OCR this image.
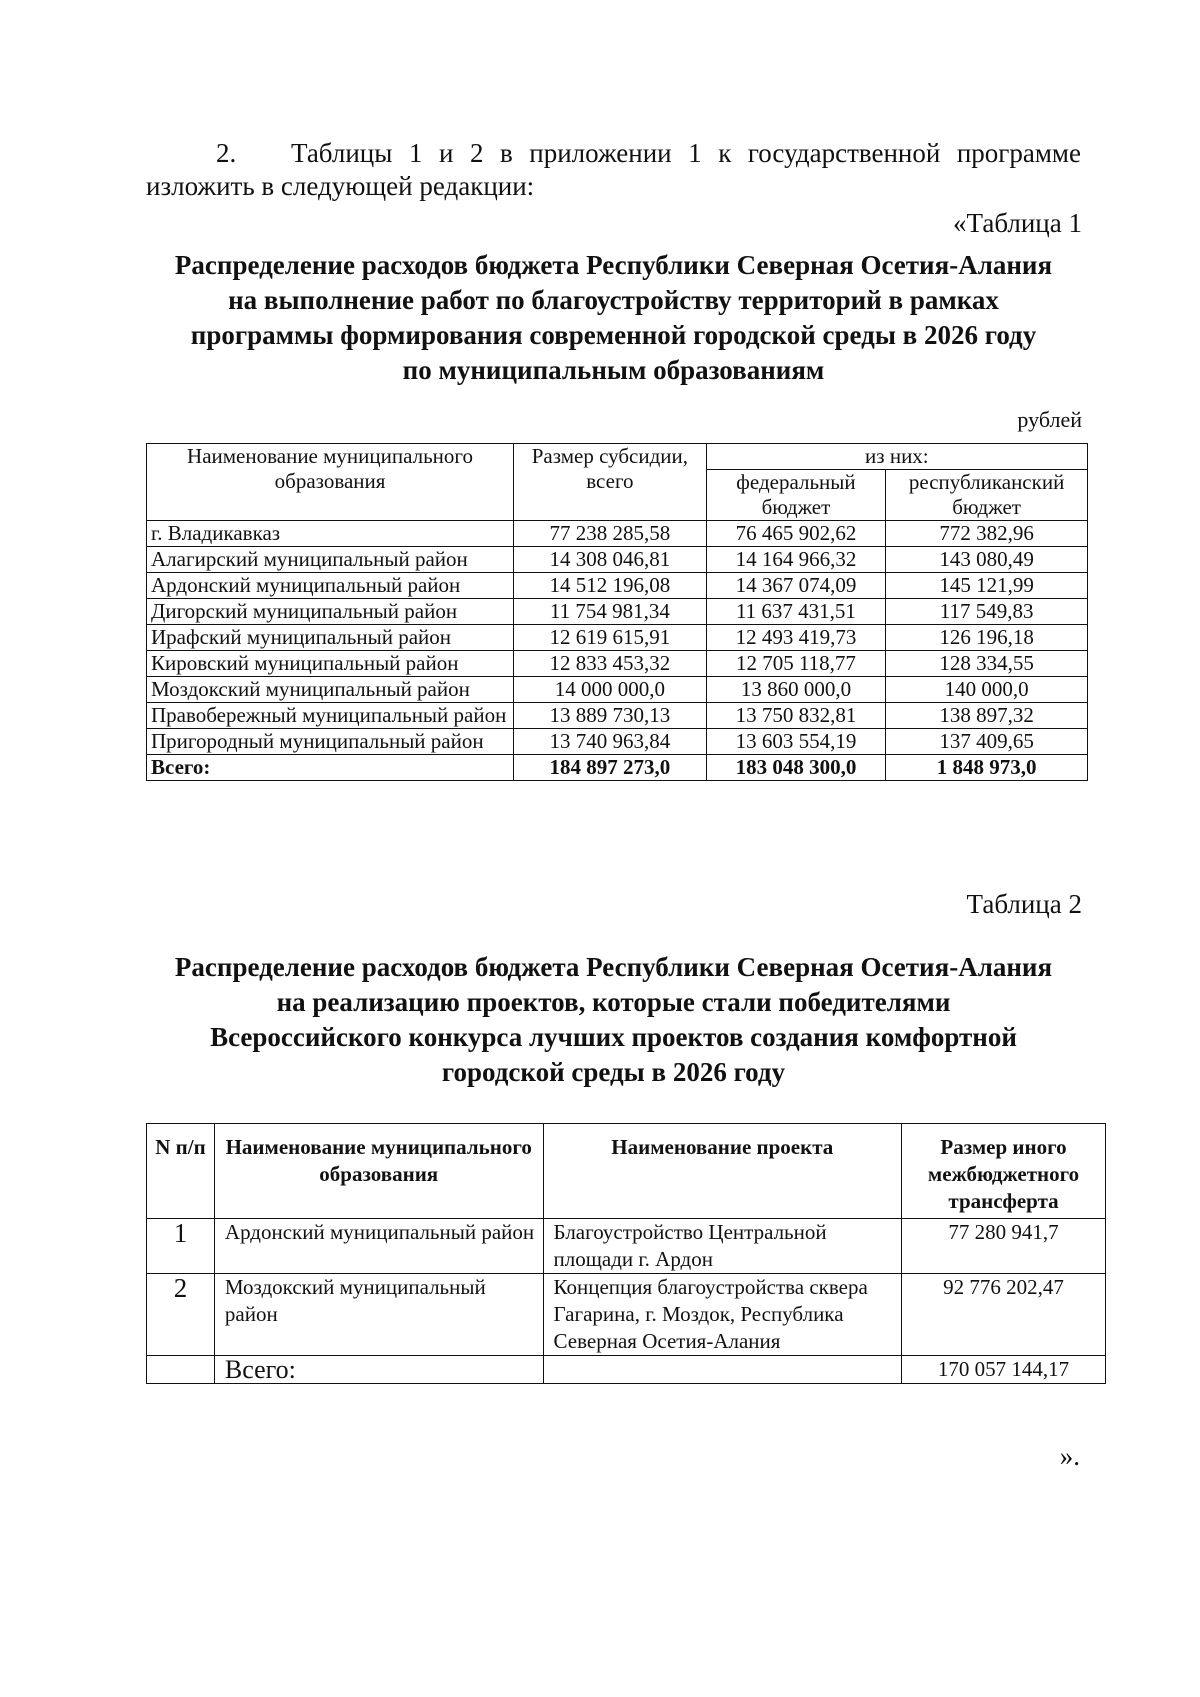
2. Таблицы 1 и 2 в приложении 1 к государственной программе изложить в следующей редакции:
«Таблица 1
Распределение расходов бюджета Республики Северная Осетия-Алания
на выполнение работ по благоустройству территорий в рамках
программы формирования современной городской среды в 2026 году
по муниципальным образованиям
рублей
Наименование муниципального образования	Размер субсидии, всего	из них:	
		федеральный бюджет	республиканский бюджет
г. Владикавказ	77 238 285,58	76 465 902,62	772 382,96
Алагирский муниципальный район	14 308 046,81	14 164 966,32	143 080,49
Ардонский муниципальный район	14 512 196,08	14 367 074,09	145 121,99
Дигорский муниципальный район	11 754 981,34	11 637 431,51	117 549,83
Ирафский муниципальный район	12 619 615,91	12 493 419,73	126 196,18
Кировский муниципальный район	12 833 453,32	12 705 118,77	128 334,55
Моздокский муниципальный район	14 000 000,0	13 860 000,0	140 000,0
Правобережный муниципальный район	13 889 730,13	13 750 832,81	138 897,32
Пригородный муниципальный район	13 740 963,84	13 603 554,19	137 409,65
Всего:	184 897 273,0	183 048 300,0	1 848 973,0
Таблица 2
Распределение расходов бюджета Республики Северная Осетия-Алания
на реализацию проектов, которые стали победителями
Всероссийского конкурса лучших проектов создания комфортной
городской среды в 2026 году
N п/п	Наименование муниципального образования	Наименование проекта	Размер иного межбюджетного трансферта
1	Ардонский муниципальный район	Благоустройство Центральной площади г. Ардон	77 280 941,7
2	Моздокский муниципальный район	Концепция благоустройства сквера Гагарина, г. Моздок, Республика Северная Осетия-Алания	92 776 202,47
	Всего:		170 057 144,17
».
